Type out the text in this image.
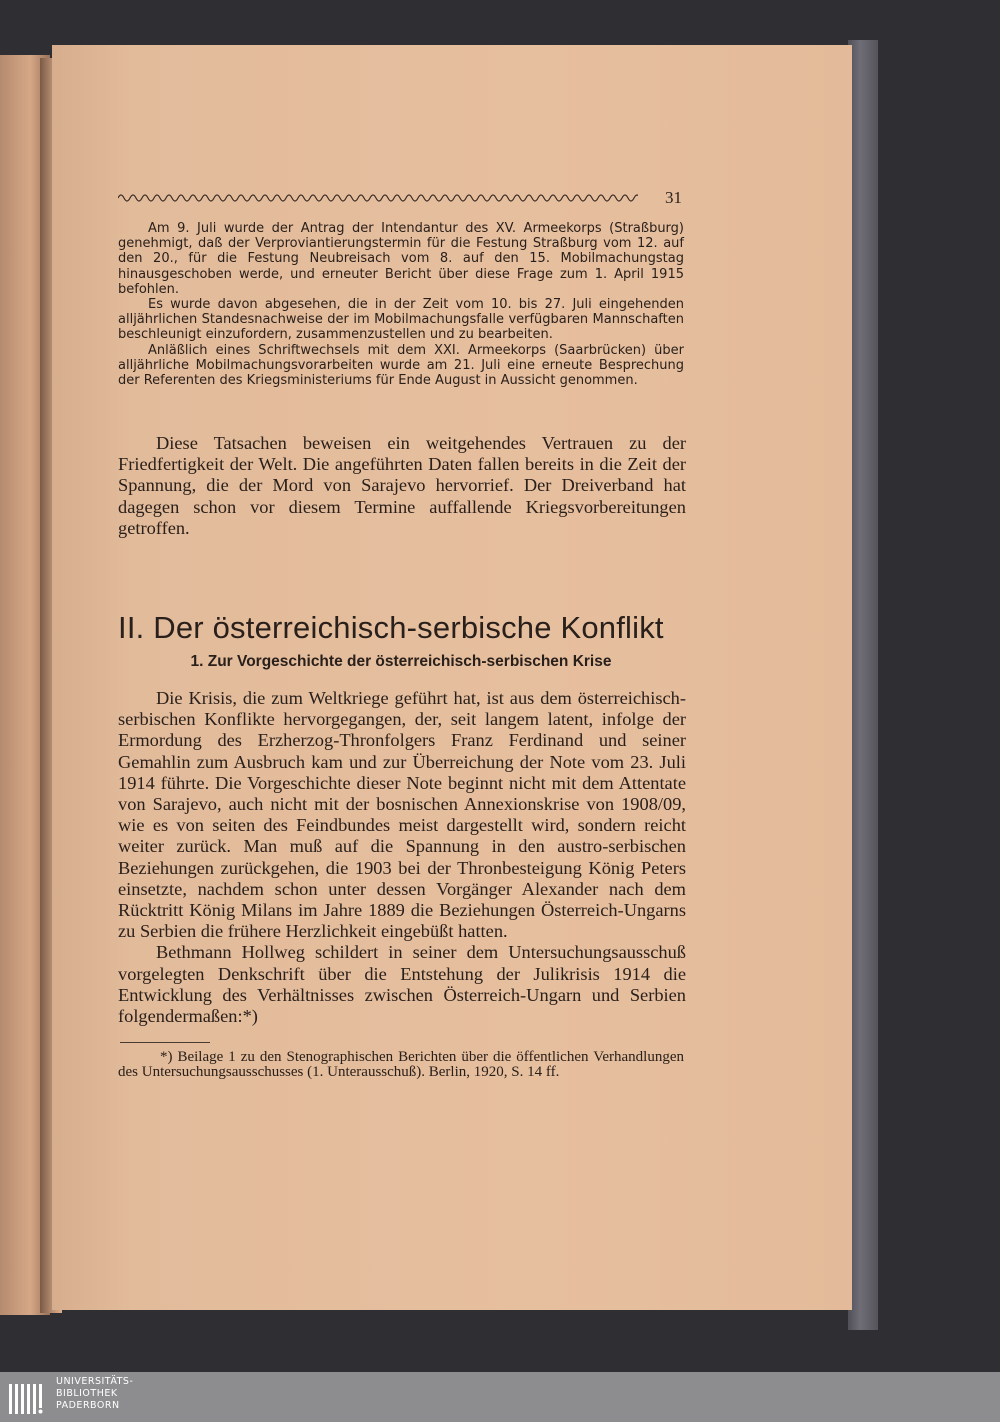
31

Am 9. Juli wurde der Antrag der Intendantur des XV. Armeekorps (Straßburg) genehmigt, daß der Verproviantierungstermin für die Festung Straßburg vom 12. auf den 20., für die Festung Neubreisach vom 8. auf den 15. Mobilmachungstag hinausgeschoben werde, und erneuter Bericht über diese Frage zum 1. April 1915 befohlen.

Es wurde davon abgesehen, die in der Zeit vom 10. bis 27. Juli eingehenden alljährlichen Standesnachweise der im Mobilmachungsfalle verfügbaren Mannschaften beschleunigt einzufordern, zusammenzustellen und zu bearbeiten.

Anläßlich eines Schriftwechsels mit dem XXI. Armeekorps (Saarbrücken) über alljährliche Mobilmachungsvorarbeiten wurde am 21. Juli eine erneute Besprechung der Referenten des Kriegsministeriums für Ende August in Aussicht genommen.

Diese Tatsachen beweisen ein weitgehendes Vertrauen zu der Friedfertigkeit der Welt. Die angeführten Daten fallen bereits in die Zeit der Spannung, die der Mord von Sarajevo hervorrief. Der Dreiverband hat dagegen schon vor diesem Termine auffallende Kriegsvorbereitungen getroffen.

II. Der österreichisch-serbische Konflikt
1. Zur Vorgeschichte der österreichisch-serbischen Krise

Die Krisis, die zum Weltkriege geführt hat, ist aus dem österreichisch-serbischen Konflikte hervorgegangen, der, seit langem latent, infolge der Ermordung des Erzherzog-Thronfolgers Franz Ferdinand und seiner Gemahlin zum Ausbruch kam und zur Überreichung der Note vom 23. Juli 1914 führte. Die Vorgeschichte dieser Note beginnt nicht mit dem Attentate von Sarajevo, auch nicht mit der bosnischen Annexionskrise von 1908/09, wie es von seiten des Feindbundes meist dargestellt wird, sondern reicht weiter zurück. Man muß auf die Spannung in den austro-serbischen Beziehungen zurückgehen, die 1903 bei der Thronbesteigung König Peters einsetzte, nachdem schon unter dessen Vorgänger Alexander nach dem Rücktritt König Milans im Jahre 1889 die Beziehungen Österreich-Ungarns zu Serbien die frühere Herzlichkeit eingebüßt hatten.

Bethmann Hollweg schildert in seiner dem Untersuchungsausschuß vorgelegten Denkschrift über die Entstehung der Julikrisis 1914 die Entwicklung des Verhältnisses zwischen Österreich-Ungarn und Serbien folgendermaßen:*)

*) Beilage 1 zu den Stenographischen Berichten über die öffentlichen Verhandlungen des Untersuchungsausschusses (1. Unterausschuß). Berlin, 1920, S. 14 ff.

UNIVERSITÄTS-
BIBLIOTHEK
PADERBORN
